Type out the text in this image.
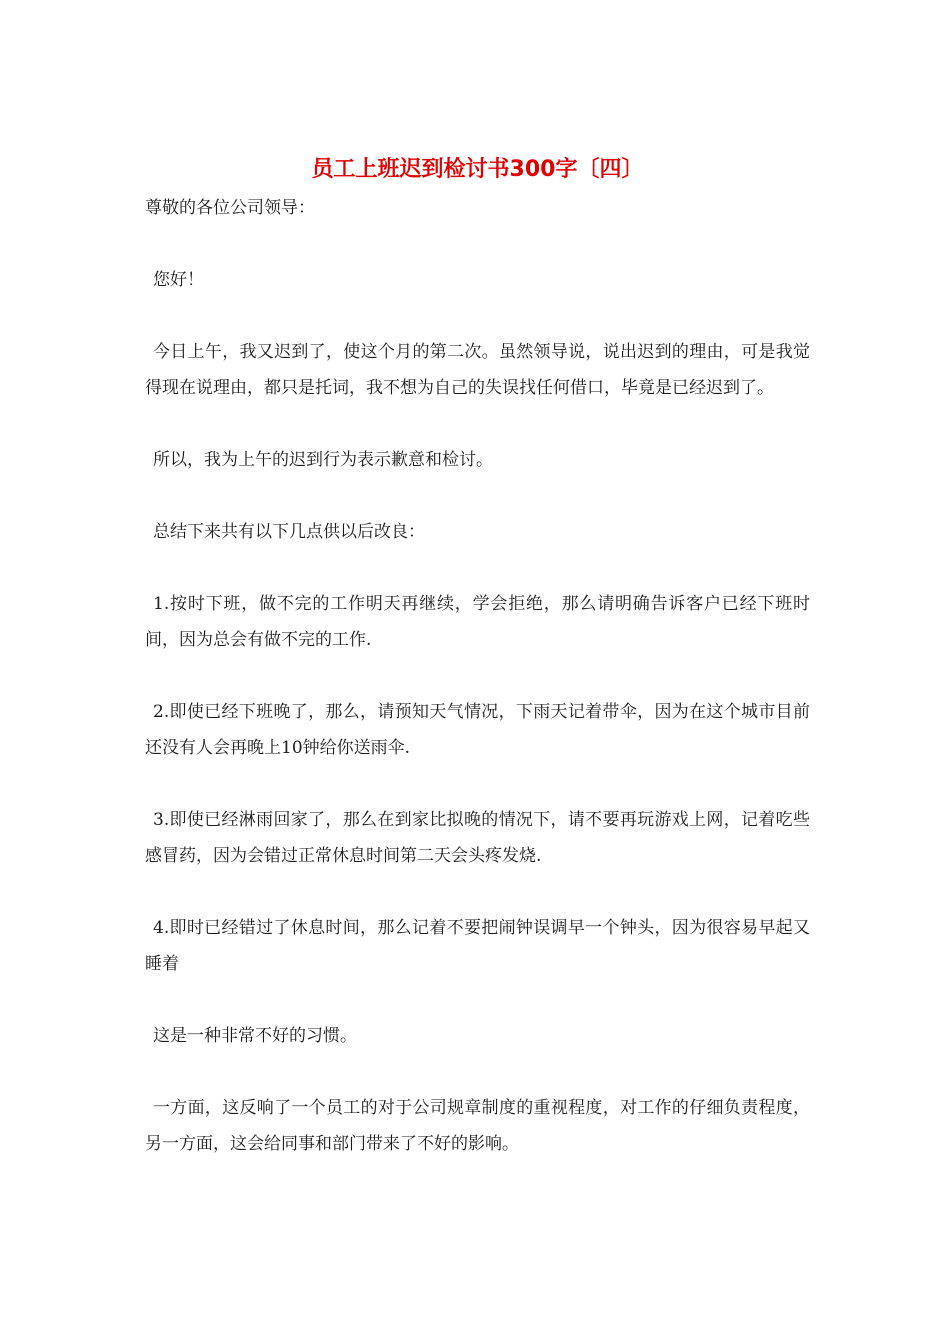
员工上班迟到检讨书300字〔四〕

尊敬的各位公司领导：

您好！

今日上午，我又迟到了，使这个月的第二次。虽然领导说，说出迟到的理由，可是我觉得现在说理由，都只是托词，我不想为自己的失误找任何借口，毕竟是已经迟到了。

所以，我为上午的迟到行为表示歉意和检讨。

总结下来共有以下几点供以后改良：

1.按时下班，做不完的工作明天再继续，学会拒绝，那么请明确告诉客户已经下班时间，因为总会有做不完的工作.

2.即使已经下班晚了，那么，请预知天气情况，下雨天记着带伞，因为在这个城市目前还没有人会再晚上10钟给你送雨伞.

3.即使已经淋雨回家了，那么在到家比拟晚的情况下，请不要再玩游戏上网，记着吃些感冒药，因为会错过正常休息时间第二天会头疼发烧.

4.即时已经错过了休息时间，那么记着不要把闹钟误调早一个钟头，因为很容易早起又睡着

这是一种非常不好的习惯。

一方面，这反响了一个员工的对于公司规章制度的重视程度，对工作的仔细负责程度，另一方面，这会给同事和部门带来了不好的影响。
